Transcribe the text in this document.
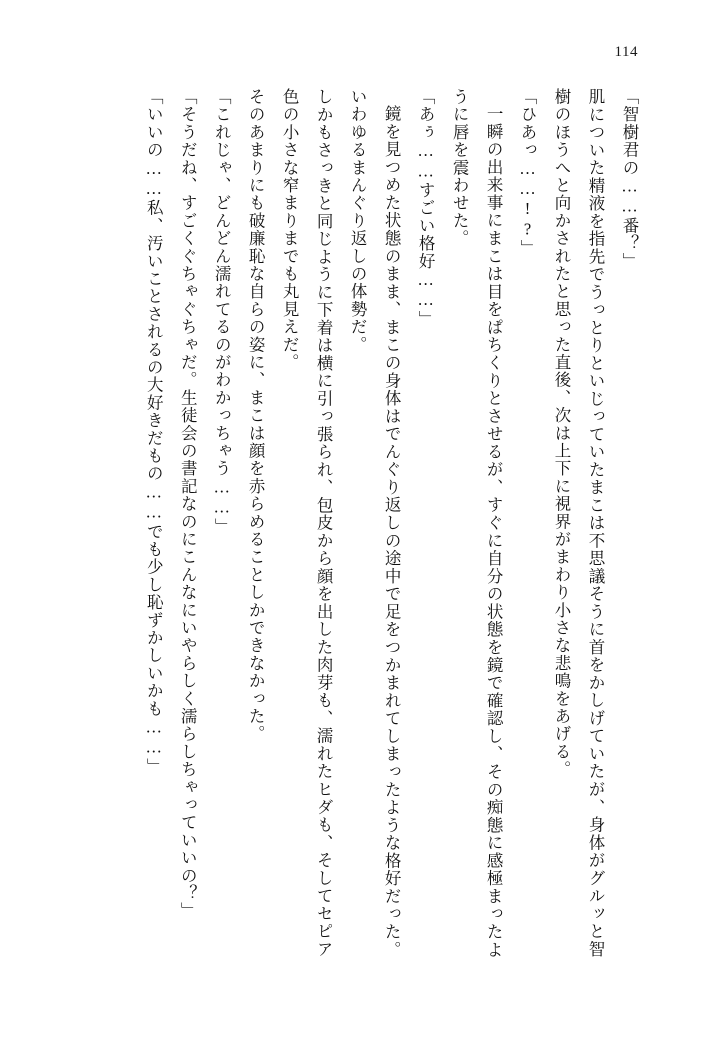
114

「智樹君の……番？」

肌についた精液を指先でうっとりといじっていたまこは不思議そうに首をかしげていたが、身体がグルッと智樹のほうへと向かされたと思った直後、次は上下に視界がまわり小さな悲鳴をあげる。

「ひあっ……!?」

一瞬の出来事にまこは目をぱちくりとさせるが、すぐに自分の状態を鏡で確認し、その痴態に感極まったように唇を震わせた。

「あぅ……すごい格好……」

鏡を見つめた状態のまま、まこの身体はでんぐり返しの途中で足をつかまれてしまったような格好だった。いわゆるまんぐり返しの体勢だ。

しかもさっきと同じように下着は横に引っ張られ、包皮から顔を出した肉芽も、濡れたヒダも、そしてセピア色の小さな窄まりまでも丸見えだ。

そのあまりにも破廉恥な自らの姿に、まこは顔を赤らめることしかできなかった。

「これじゃ、どんどん濡れてるのがわかっちゃう……」

「そうだね、すごくぐちゃぐちゃだ。生徒会の書記なのにこんなにいやらしく濡らしちゃっていいの？」

「いいの……私、汚いことされるの大好きだもの……でも少し恥ずかしいかも……」
